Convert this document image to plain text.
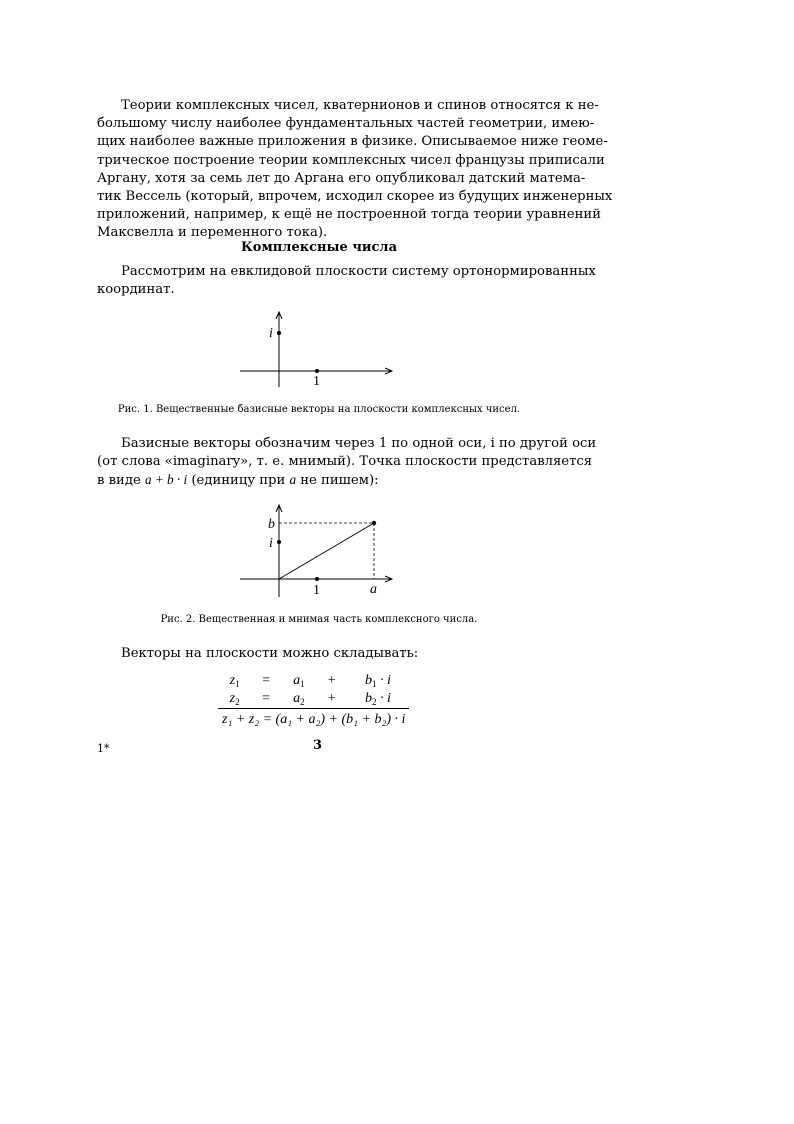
Теории комплексных чисел, кватернионов и спинов относятся к не-
большому числу наиболее фундаментальных частей геометрии, имею-
щих наиболее важные приложения в физике. Описываемое ниже геоме-
трическое построение теории комплексных чисел французы приписали
Аргану, хотя за семь лет до Аргана его опубликовал датский матема-
тик Вессель (который, впрочем, исходил скорее из будущих инженерных
приложений, например, к ещё не построенной тогда теории уравнений
Максвелла и переменного тока).
Комплексные числа
Рассмотрим на евклидовой плоскости систему ортонормированных
координат.
i
1
Рис. 1. Вещественные базисные векторы на плоскости комплексных чисел.
Базисные векторы обозначим через 1 по одной оси, i по другой оси
(от слова «imaginary», т. е. мнимый). Точка плоскости представляется
в виде a + b · i (единицу при a не пишем):
b
i
1	a
Рис. 2. Вещественная и мнимая часть комплексного числа.
Векторы на плоскости можно складывать:
$z_1$	=	$a_1$	+	$b_1 \cdot i$
$z_2$	=	$a_2$	+	$b_2 \cdot i$
z₁ + z₂ = (a₁ + a₂) + (b₁ + b₂) · i				
1*	3
